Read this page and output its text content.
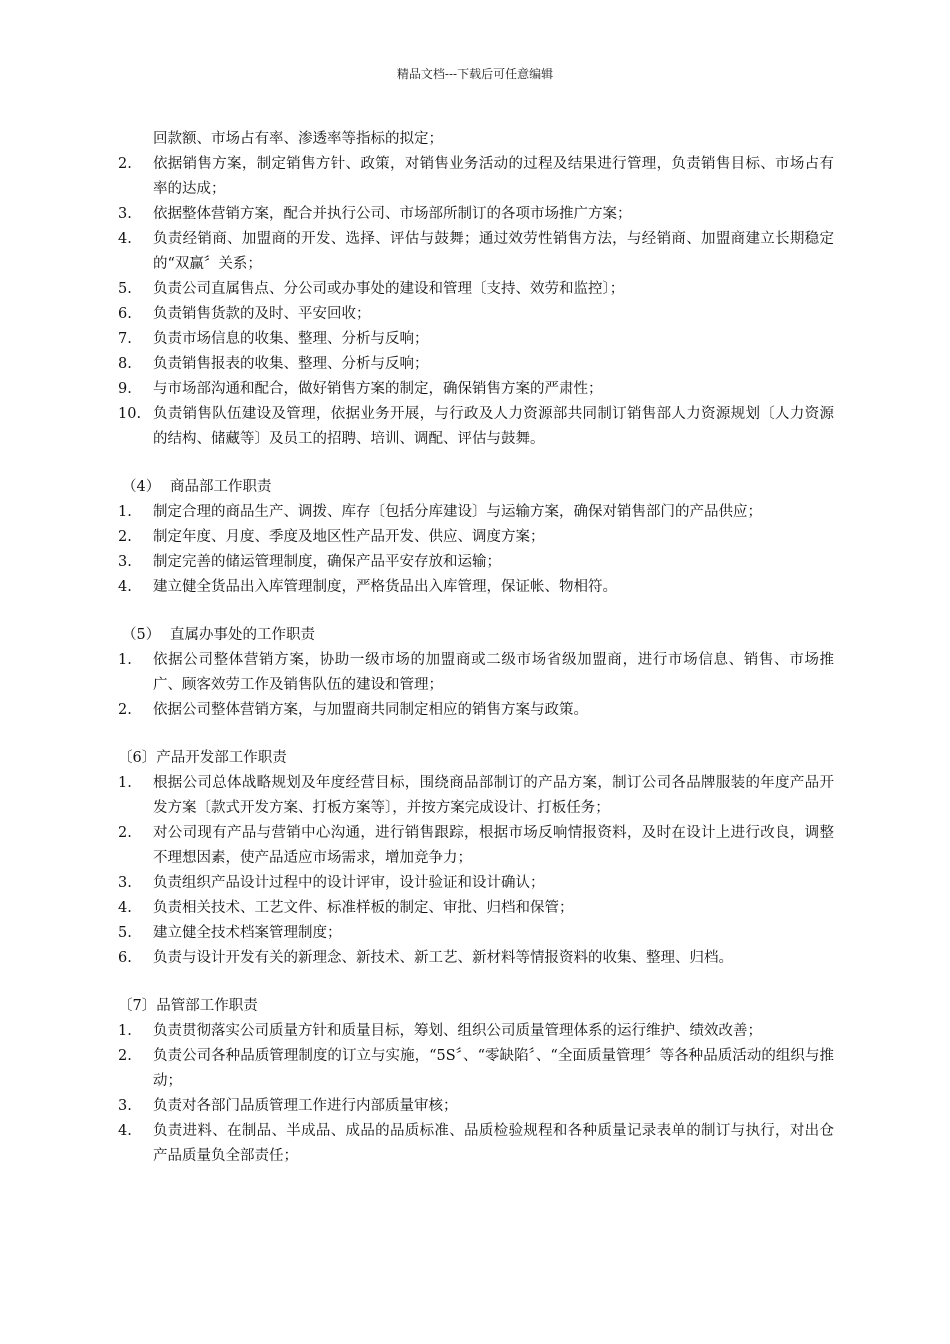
精品文档---下载后可任意编辑
回款额、市场占有率、渗透率等指标的拟定；
2.	依据销售方案，制定销售方针、政策，对销售业务活动的过程及结果进行管理，负责销售目标、市场占有率的达成；
3.	依据整体营销方案，配合并执行公司、市场部所制订的各项市场推广方案；
4.	负责经销商、加盟商的开发、选择、评估与鼓舞；通过效劳性销售方法，与经销商、加盟商建立长期稳定的“双赢〞关系；
5.	负责公司直属售点、分公司或办事处的建设和管理〔支持、效劳和监控〕；
6.	负责销售货款的及时、平安回收；
7.	负责市场信息的收集、整理、分析与反响；
8.	负责销售报表的收集、整理、分析与反响；
9.	与市场部沟通和配合，做好销售方案的制定，确保销售方案的严肃性；
10. 负责销售队伍建设及管理，依据业务开展，与行政及人力资源部共同制订销售部人力资源规划〔人力资源的结构、储藏等〕及员工的招聘、培训、调配、评估与鼓舞。
（4） 商品部工作职责
1.	制定合理的商品生产、调拨、库存〔包括分库建设〕与运输方案，确保对销售部门的产品供应；
2.	制定年度、月度、季度及地区性产品开发、供应、调度方案；
3.	制定完善的储运管理制度，确保产品平安存放和运输；
4.	建立健全货品出入库管理制度，严格货品出入库管理，保证帐、物相符。
（5） 直属办事处的工作职责
1.	依据公司整体营销方案，协助一级市场的加盟商或二级市场省级加盟商，进行市场信息、销售、市场推广、顾客效劳工作及销售队伍的建设和管理；
2.	依据公司整体营销方案，与加盟商共同制定相应的销售方案与政策。
〔6〕产品开发部工作职责
1.	根据公司总体战略规划及年度经营目标，围绕商品部制订的产品方案，制订公司各品牌服装的年度产品开发方案〔款式开发方案、打板方案等〕，并按方案完成设计、打板任务；
2.	对公司现有产品与营销中心沟通，进行销售跟踪，根据市场反响情报资料，及时在设计上进行改良，调整不理想因素，使产品适应市场需求，增加竞争力；
3.	负责组织产品设计过程中的设计评审，设计验证和设计确认；
4.	负责相关技术、工艺文件、标准样板的制定、审批、归档和保管；
5.	建立健全技术档案管理制度；
6.	负责与设计开发有关的新理念、新技术、新工艺、新材料等情报资料的收集、整理、归档。
〔7〕品管部工作职责
1.	负责贯彻落实公司质量方针和质量目标，筹划、组织公司质量管理体系的运行维护、绩效改善；
2.	负责公司各种品质管理制度的订立与实施，“5S〞、“零缺陷〞、“全面质量管理〞等各种品质活动的组织与推动；
3.	负责对各部门品质管理工作进行内部质量审核；
4.	负责进料、在制品、半成品、成品的品质标准、品质检验规程和各种质量记录表单的制订与执行，对出仓产品质量负全部责任；
